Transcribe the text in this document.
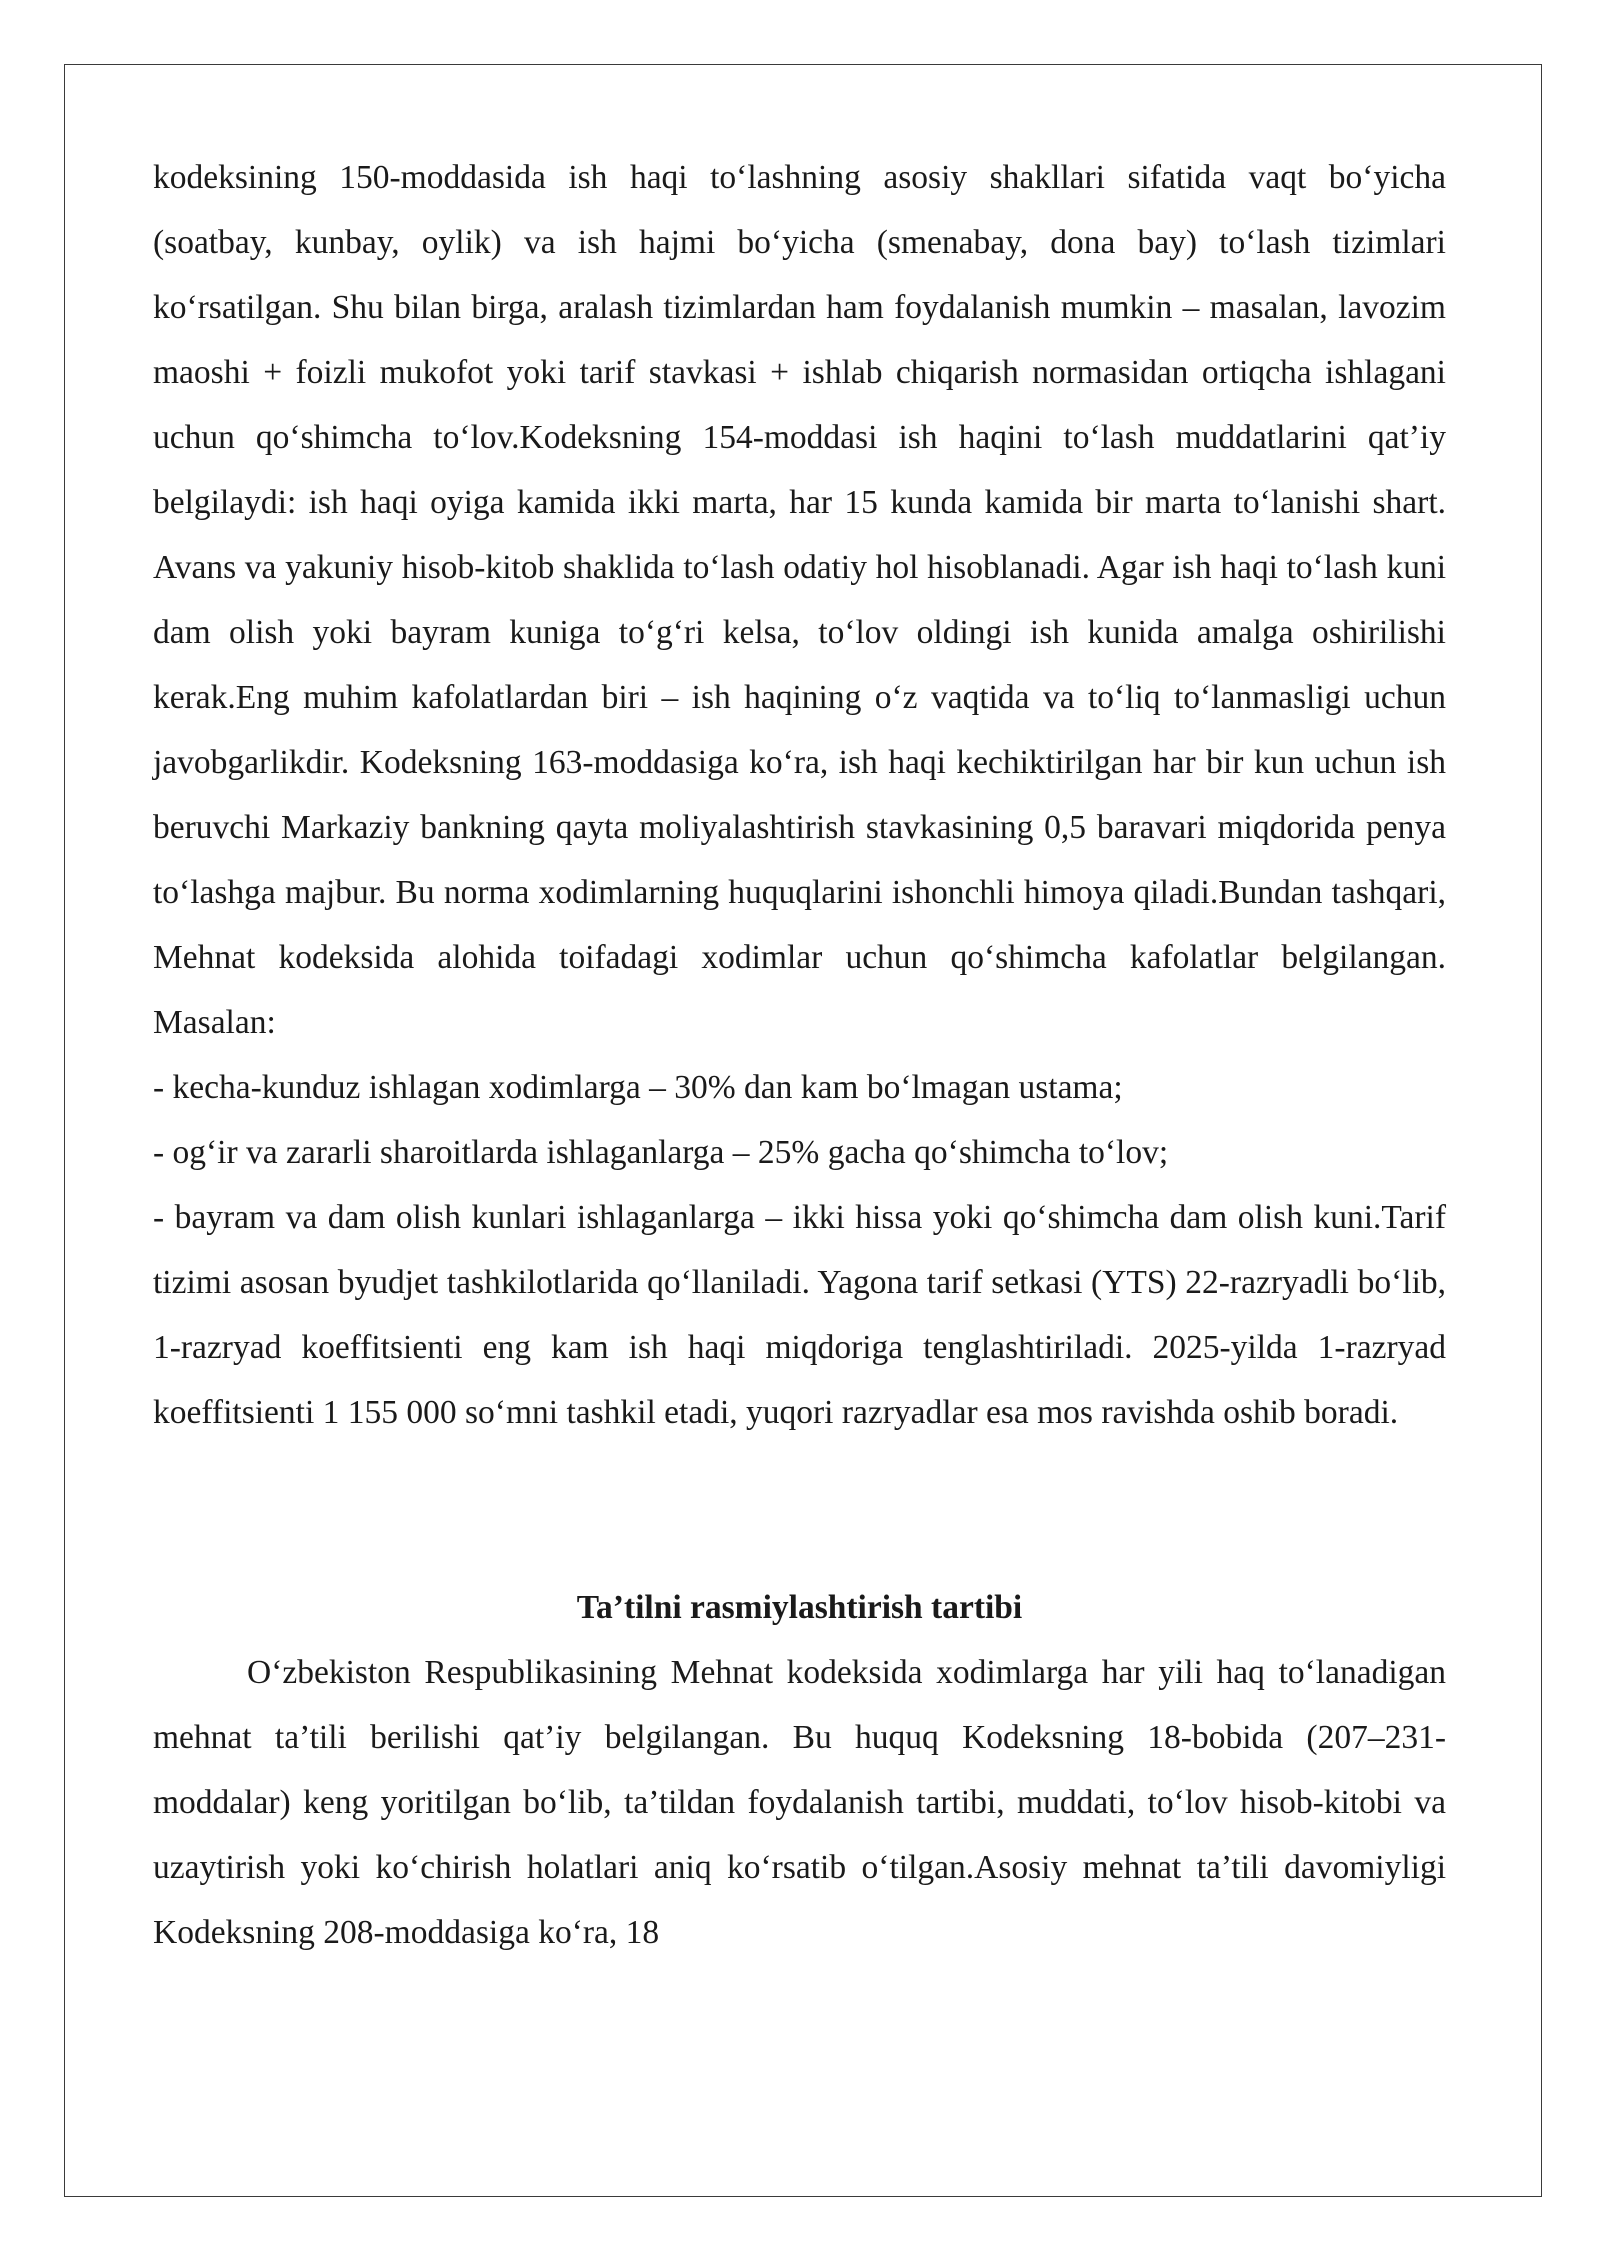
kodeksining 150-moddasida ish haqi to‘lashning asosiy shakllari sifatida vaqt bo‘yicha (soatbay, kunbay, oylik) va ish hajmi bo‘yicha (smenabay, dona bay) to‘lash tizimlari ko‘rsatilgan. Shu bilan birga, aralash tizimlardan ham foydalanish mumkin – masalan, lavozim maoshi + foizli mukofot yoki tarif stavkasi + ishlab chiqarish normasidan ortiqcha ishlagani uchun qo‘shimcha to‘lov.Kodeksning 154-moddasi ish haqini to‘lash muddatlarini qat’iy belgilaydi: ish haqi oyiga kamida ikki marta, har 15 kunda kamida bir marta to‘lanishi shart. Avans va yakuniy hisob-kitob shaklida to‘lash odatiy hol hisoblanadi. Agar ish haqi to‘lash kuni dam olish yoki bayram kuniga to‘g‘ri kelsa, to‘lov oldingi ish kunida amalga oshirilishi kerak.Eng muhim kafolatlardan biri – ish haqining o‘z vaqtida va to‘liq to‘lanmasligi uchun javobgarlikdir. Kodeksning 163-moddasiga ko‘ra, ish haqi kechiktirilgan har bir kun uchun ish beruvchi Markaziy bankning qayta moliyalashtirish stavkasining 0,5 baravari miqdorida penya to‘lashga majbur. Bu norma xodimlarning huquqlarini ishonchli himoya qiladi.Bundan tashqari, Mehnat kodeksida alohida toifadagi xodimlar uchun qo‘shimcha kafolatlar belgilangan. Masalan:

- kecha-kunduz ishlagan xodimlarga – 30% dan kam bo‘lmagan ustama;

- og‘ir va zararli sharoitlarda ishlaganlarga – 25% gacha qo‘shimcha to‘lov;

- bayram va dam olish kunlari ishlaganlarga – ikki hissa yoki qo‘shimcha dam olish kuni.Tarif tizimi asosan byudjet tashkilotlarida qo‘llaniladi. Yagona tarif setkasi (YTS) 22-razryadli bo‘lib, 1-razryad koeffitsienti eng kam ish haqi miqdoriga tenglashtiriladi. 2025-yilda 1-razryad koeffitsienti 1 155 000 so‘mni tashkil etadi, yuqori razryadlar esa mos ravishda oshib boradi.

Ta’tilni rasmiylashtirish tartibi

O‘zbekiston Respublikasining Mehnat kodeksida xodimlarga har yili haq to‘lanadigan mehnat ta’tili berilishi qat’iy belgilangan. Bu huquq Kodeksning 18-bobida (207–231-moddalar) keng yoritilgan bo‘lib, ta’tildan foydalanish tartibi, muddati, to‘lov hisob-kitobi va uzaytirish yoki ko‘chirish holatlari aniq ko‘rsatib o‘tilgan.Asosiy mehnat ta’tili davomiyligi Kodeksning 208-moddasiga ko‘ra, 18
